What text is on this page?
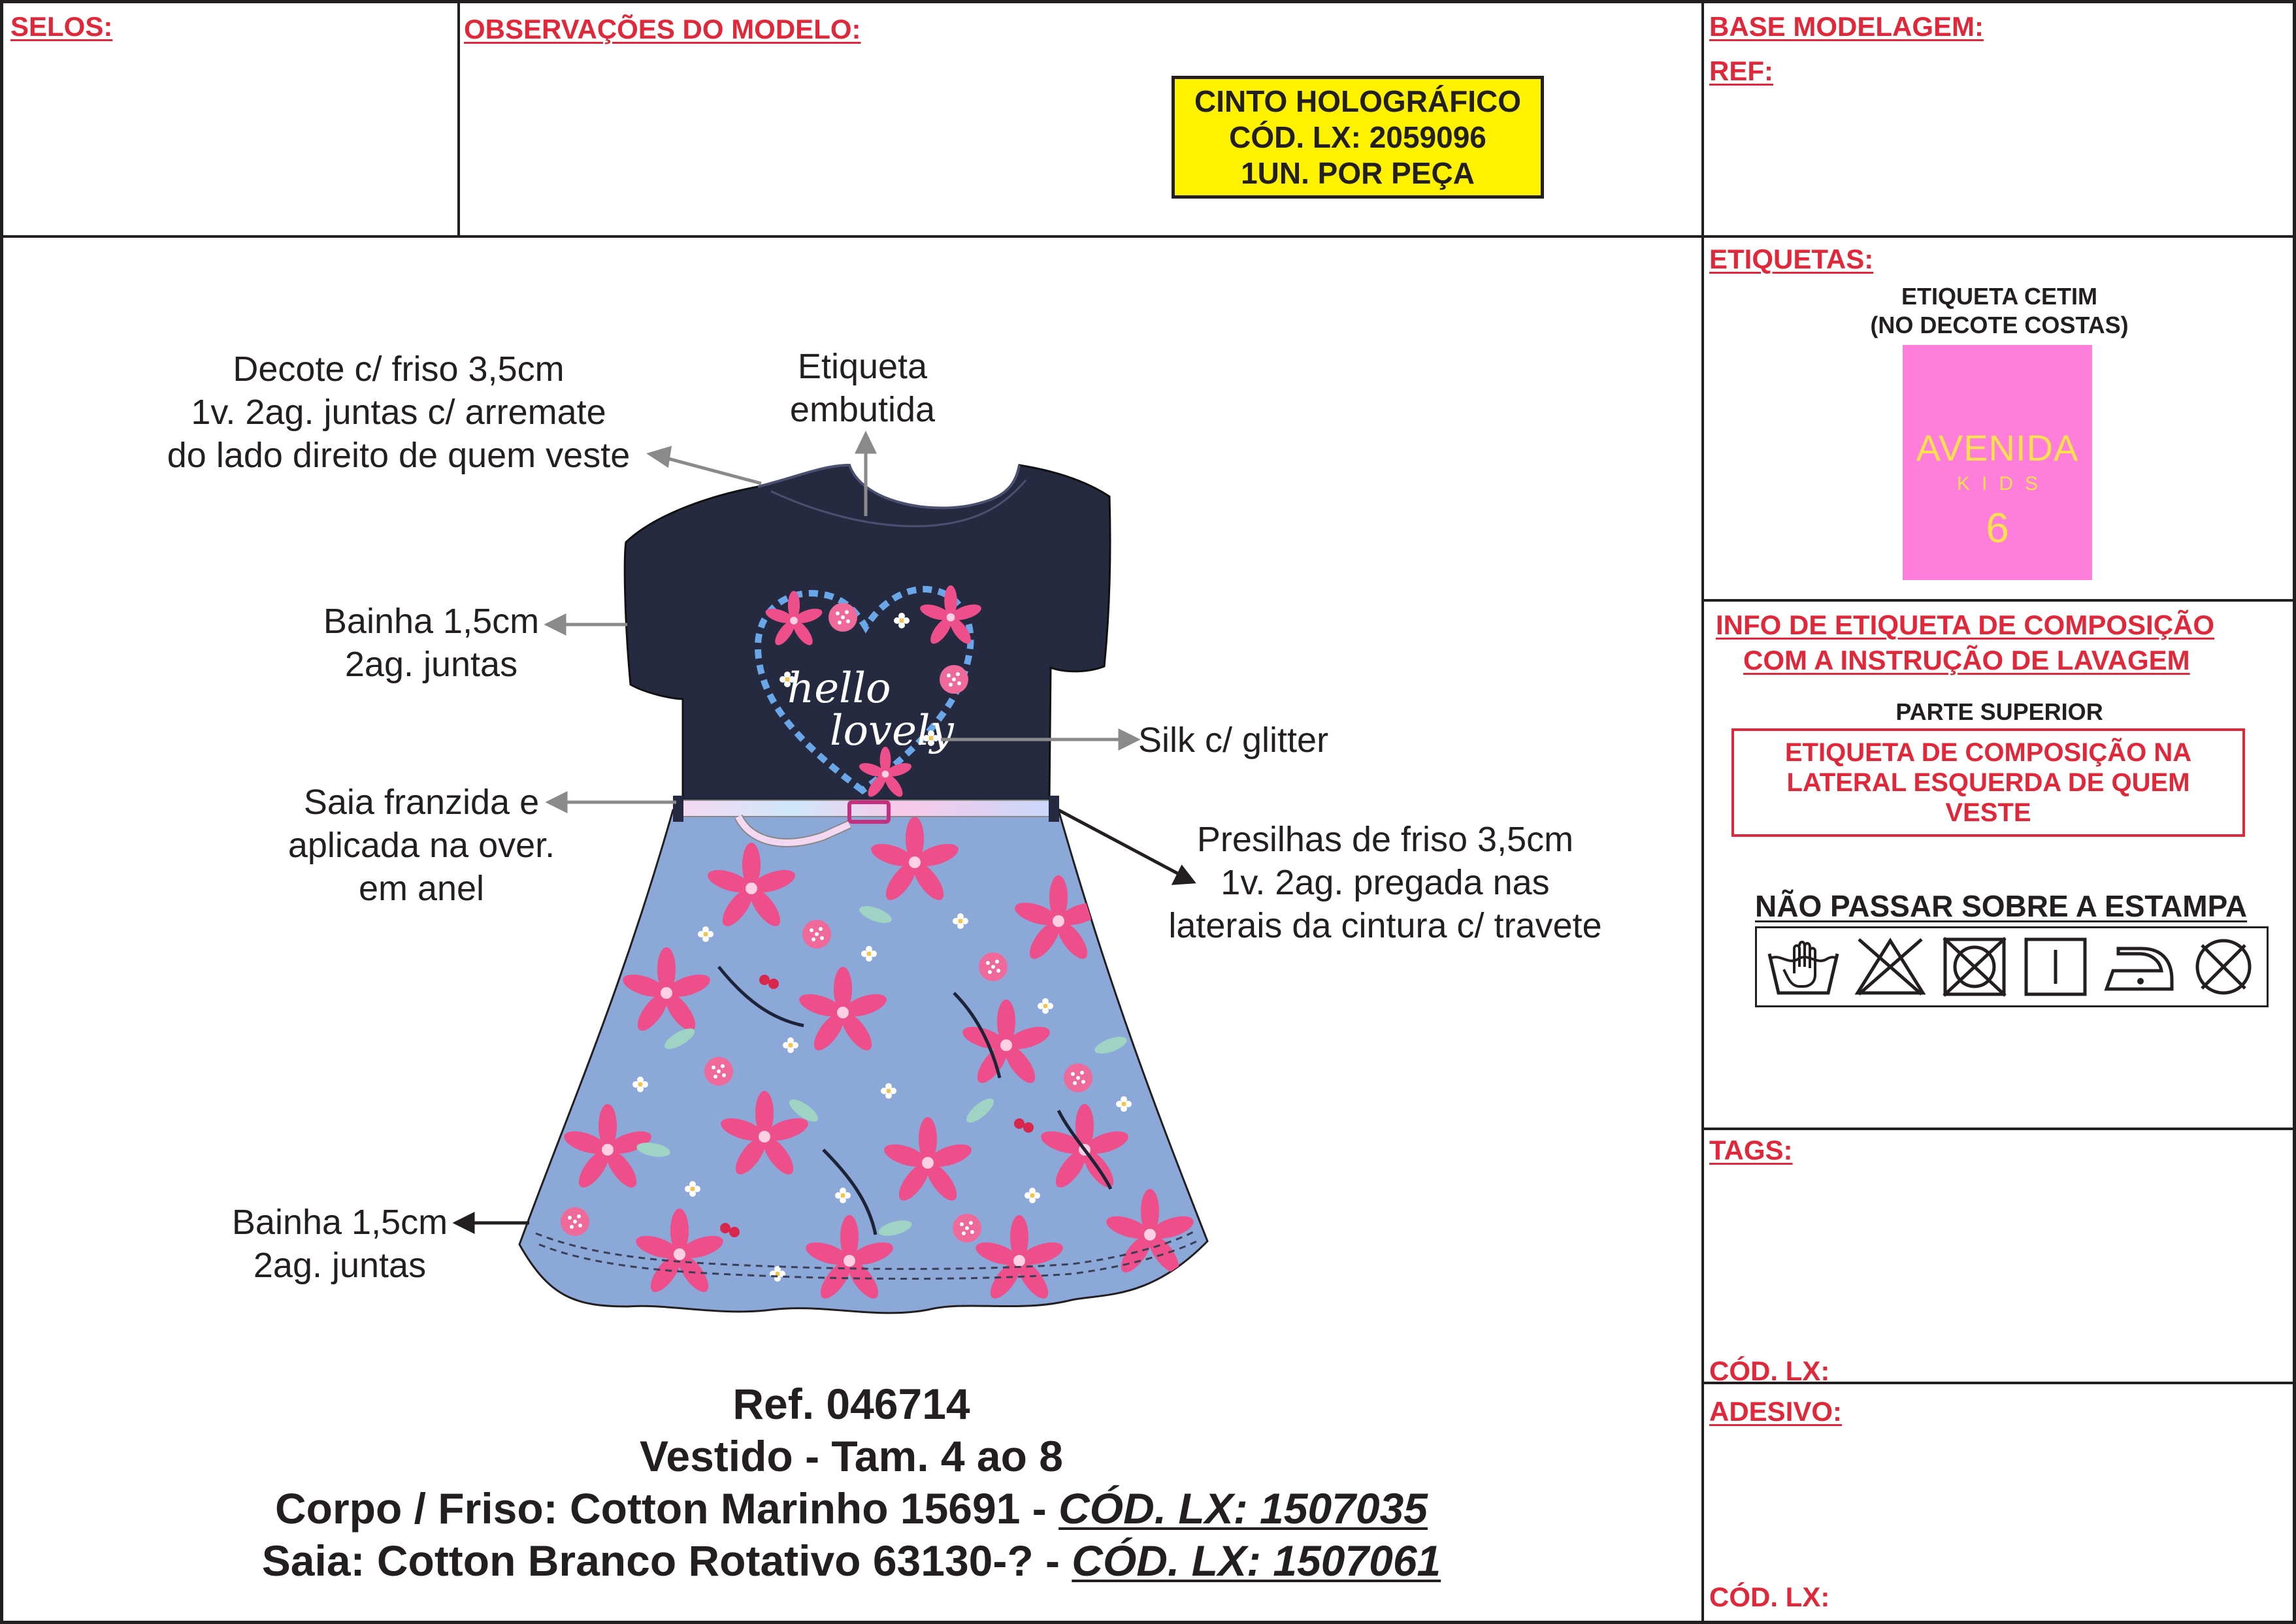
SELOS:	OBSERVAÇÕES DO MODELO:	BASE MODELAGEM:
REF:
CINTO HOLOGRÁFICO
CÓD. LX: 2059096
1UN. POR PEÇA
hello
lovely
Decote c/ friso 3,5cm
1v. 2ag. juntas c/ arremate
do lado direito de quem veste
Etiqueta
embutida
Bainha 1,5cm
2ag. juntas
Silk c/ glitter
Saia franzida e
aplicada na over.
em anel
Presilhas de friso 3,5cm
1v. 2ag. pregada nas
laterais da cintura c/ travete
Bainha 1,5cm
2ag. juntas
Ref. 046714
Vestido - Tam. 4 ao 8
Corpo / Friso: Cotton Marinho 15691 - CÓD. LX: 1507035
Saia: Cotton Branco Rotativo 63130-? - CÓD. LX: 1507061
ETIQUETAS:
ETIQUETA CETIM
(NO DECOTE COSTAS)
AVENIDA
KIDS
6
INFO DE ETIQUETA DE COMPOSIÇÃO
COM A INSTRUÇÃO DE LAVAGEM
PARTE SUPERIOR
ETIQUETA DE COMPOSIÇÃO NA
LATERAL ESQUERDA DE QUEM
VESTE
NÃO PASSAR SOBRE A ESTAMPA
TAGS:
CÓD. LX:
ADESIVO:
CÓD. LX:
